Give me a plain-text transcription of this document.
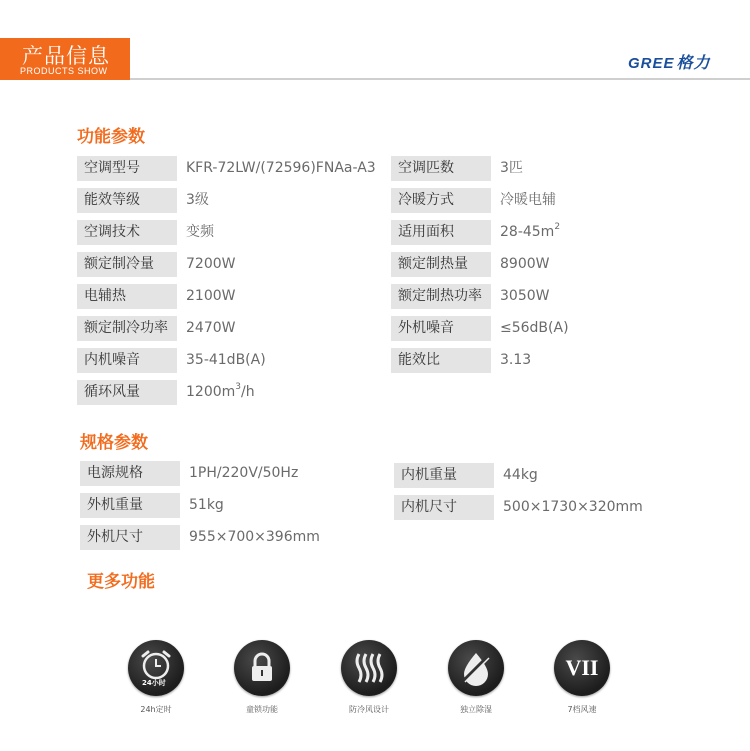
产品信息
PRODUCTS SHOW	GREE 格力
功能参数
空调型号	KFR-72LW/(72596)FNAa-A3
能效等级	3级
空调技术	变频
额定制冷量	7200W
电辅热	2100W
额定制冷功率	2470W
内机噪音	35-41dB(A)
循环风量	$1200m^3/h$
空调匹数	3匹
冷暖方式	冷暖电辅
适用面积	$28-45m^2$
额定制热量	8900W
额定制热功率	3050W
外机噪音	≤56dB(A)
能效比	3.13
规格参数
电源规格	1PH/220V/50Hz
外机重量	51kg
外机尺寸	955×700×396mm
内机重量	44kg
内机尺寸	500×1730×320mm
更多功能
24小时
24h定时	童锁功能	防冷风设计	独立除湿
VII
7档风速
